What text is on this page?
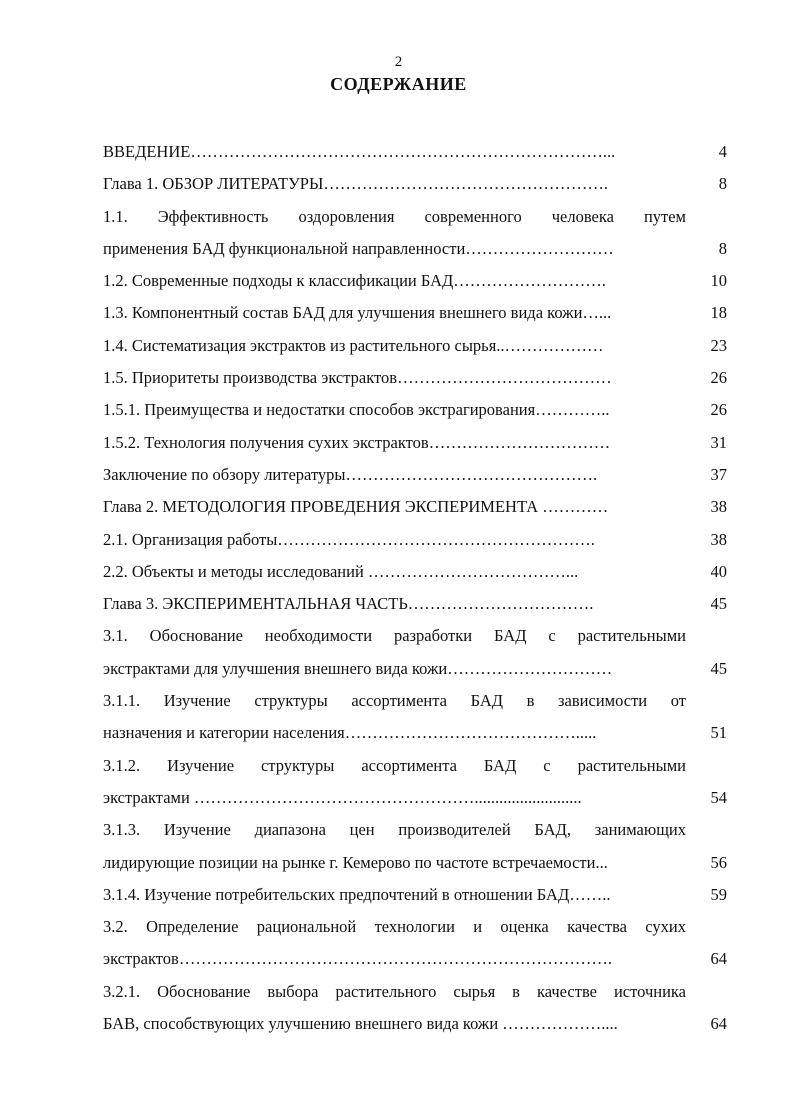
2
СОДЕРЖАНИЕ
ВВЕДЕНИЕ…………………………………………………………………...	4
Глава 1. ОБЗОР ЛИТЕРАТУРЫ…………………………………………….	8
1.1. Эффективность оздоровления современного человека путем
применения БАД функциональной направленности………………………	8
1.2. Современные подходы к классификации БАД……………………….	10
1.3. Компонентный состав БАД для улучшения внешнего вида кожи…...	18
1.4. Систематизация экстрактов из растительного сырья..………………	23
1.5. Приоритеты производства экстрактов…………………………………	26
1.5.1. Преимущества и недостатки способов экстрагирования…………..	26
1.5.2. Технология получения сухих экстрактов……………………………	31
Заключение по обзору литературы……………………………………….	37
Глава 2. МЕТОДОЛОГИЯ ПРОВЕДЕНИЯ ЭКСПЕРИМЕНТА …………	38
2.1. Организация работы………………………………………………….	38
2.2. Объекты и методы исследований ………………………………...	40
Глава 3. ЭКСПЕРИМЕНТАЛЬНАЯ ЧАСТЬ…………………………….	45
3.1. Обоснование необходимости разработки БАД с растительными
экстрактами для улучшения внешнего вида кожи…………………………	45
3.1.1. Изучение структуры ассортимента БАД в зависимости от
назначения и категории населения…………………………………….....	51
3.1.2. Изучение структуры ассортимента БАД с растительными
экстрактами ……………………………………………..........................	54
3.1.3. Изучение диапазона цен производителей БАД, занимающих
лидирующие позиции на рынке г. Кемерово по частоте встречаемости...	56
3.1.4. Изучение потребительских предпочтений в отношении БАД……..	59
3.2. Определение рациональной технологии и оценка качества сухих
экстрактов…………………………………………………………………….	64
3.2.1. Обоснование выбора растительного сырья в качестве источника
БАВ, способствующих улучшению внешнего вида кожи ………………....	64
